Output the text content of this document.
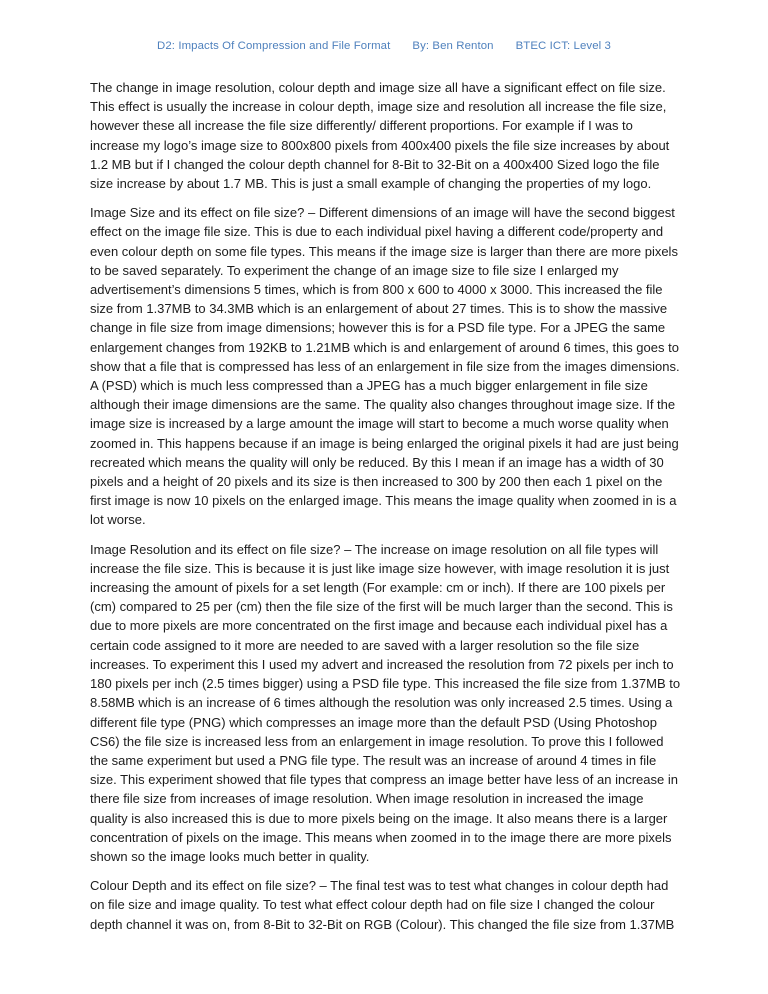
D2: Impacts Of Compression and File Format By: Ben Renton BTEC ICT: Level 3

The change in image resolution, colour depth and image size all have a significant effect on file size. This effect is usually the increase in colour depth, image size and resolution all increase the file size, however these all increase the file size differently/ different proportions. For example if I was to increase my logo’s image size to 800x800 pixels from 400x400 pixels the file size increases by about 1.2 MB but if I changed the colour depth channel for 8-Bit to 32-Bit on a 400x400 Sized logo the file size increase by about 1.7 MB. This is just a small example of changing the properties of my logo.

Image Size and its effect on file size? – Different dimensions of an image will have the second biggest effect on the image file size. This is due to each individual pixel having a different code/property and even colour depth on some file types. This means if the image size is larger than there are more pixels to be saved separately. To experiment the change of an image size to file size I enlarged my advertisement’s dimensions 5 times, which is from 800 x 600 to 4000 x 3000. This increased the file size from 1.37MB to 34.3MB which is an enlargement of about 27 times. This is to show the massive change in file size from image dimensions; however this is for a PSD file type. For a JPEG the same enlargement changes from 192KB to 1.21MB which is and enlargement of around 6 times, this goes to show that a file that is compressed has less of an enlargement in file size from the images dimensions. A (PSD) which is much less compressed than a JPEG has a much bigger enlargement in file size although their image dimensions are the same. The quality also changes throughout image size. If the image size is increased by a large amount the image will start to become a much worse quality when zoomed in. This happens because if an image is being enlarged the original pixels it had are just being recreated which means the quality will only be reduced. By this I mean if an image has a width of 30 pixels and a height of 20 pixels and its size is then increased to 300 by 200 then each 1 pixel on the first image is now 10 pixels on the enlarged image. This means the image quality when zoomed in is a lot worse.

Image Resolution and its effect on file size? – The increase on image resolution on all file types will increase the file size. This is because it is just like image size however, with image resolution it is just increasing the amount of pixels for a set length (For example: cm or inch). If there are 100 pixels per (cm) compared to 25 per (cm) then the file size of the first will be much larger than the second. This is due to more pixels are more concentrated on the first image and because each individual pixel has a certain code assigned to it more are needed to are saved with a larger resolution so the file size increases. To experiment this I used my advert and increased the resolution from 72 pixels per inch to 180 pixels per inch (2.5 times bigger) using a PSD file type. This increased the file size from 1.37MB to 8.58MB which is an increase of 6 times although the resolution was only increased 2.5 times. Using a different file type (PNG) which compresses an image more than the default PSD (Using Photoshop CS6) the file size is increased less from an enlargement in image resolution. To prove this I followed the same experiment but used a PNG file type. The result was an increase of around 4 times in file size. This experiment showed that file types that compress an image better have less of an increase in there file size from increases of image resolution. When image resolution in increased the image quality is also increased this is due to more pixels being on the image. It also means there is a larger concentration of pixels on the image. This means when zoomed in to the image there are more pixels shown so the image looks much better in quality.

Colour Depth and its effect on file size? – The final test was to test what changes in colour depth had on file size and image quality. To test what effect colour depth had on file size I changed the colour depth channel it was on, from 8-Bit to 32-Bit on RGB (Colour). This changed the file size from 1.37MB
